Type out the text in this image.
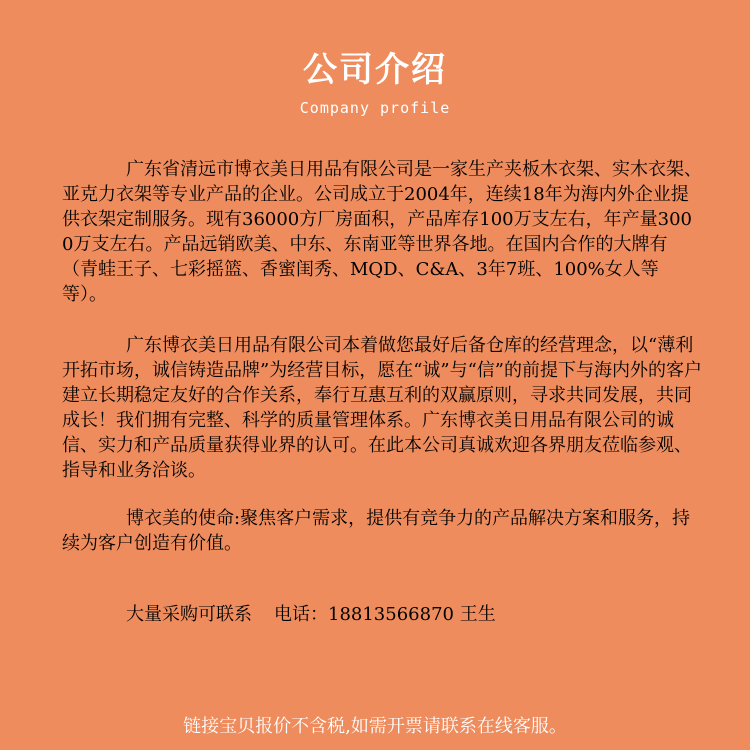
公司介绍
Company profile

广东省清远市博衣美日用品有限公司是一家生产夹板木衣架、实木衣架、亚克力衣架等专业产品的企业。公司成立于2004年，连续18年为海内外企业提供衣架定制服务。现有36000方厂房面积，产品库存100万支左右，年产量3000万支左右。产品远销欧美、中东、东南亚等世界各地。在国内合作的大牌有（青蛙王子、七彩摇篮、香蜜闺秀、MQD、C&A、3年7班、100%女人等等）。

广东博衣美日用品有限公司本着做您最好后备仓库的经营理念，以“薄利开拓市场，诚信铸造品牌”为经营目标，愿在“诚”与“信”的前提下与海内外的客户建立长期稳定友好的合作关系，奉行互惠互利的双赢原则，寻求共同发展，共同成长！我们拥有完整、科学的质量管理体系。广东博衣美日用品有限公司的诚信、实力和产品质量获得业界的认可。在此本公司真诚欢迎各界朋友莅临参观、指导和业务洽谈。

博衣美的使命:聚焦客户需求，提供有竞争力的产品解决方案和服务，持续为客户创造有价值。

大量采购可联系 电话：18813566870 王生
链接宝贝报价不含税,如需开票请联系在线客服。
